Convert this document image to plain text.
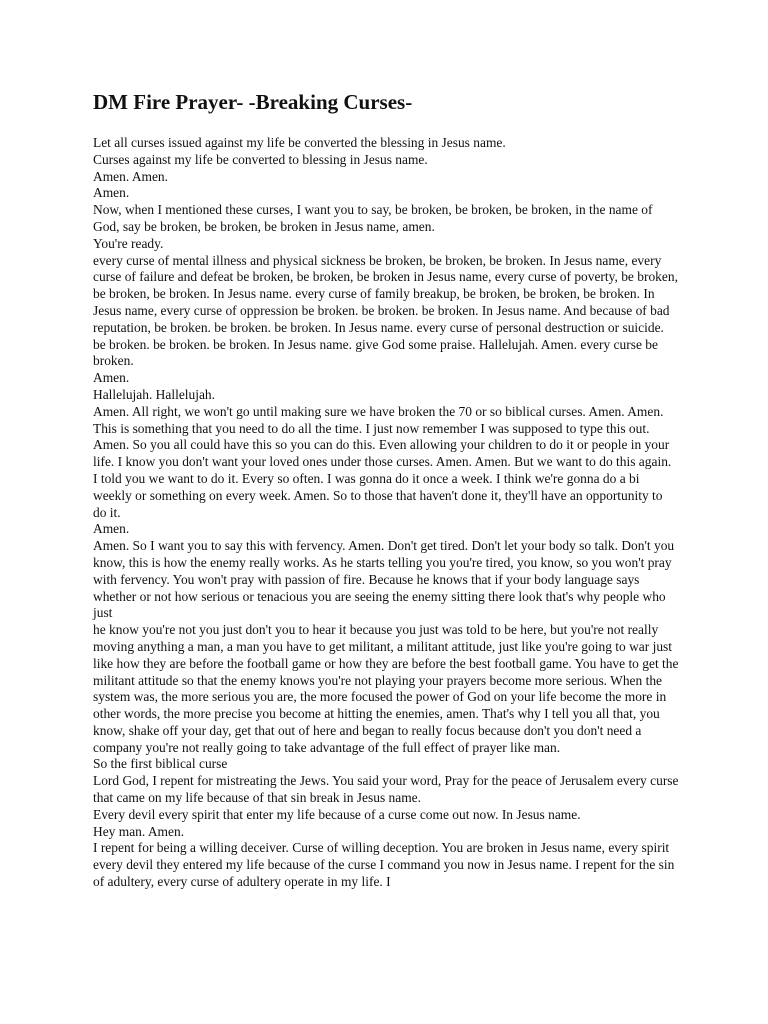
DM Fire Prayer- -Breaking Curses-

Let all curses issued against my life be converted the blessing in Jesus name.

Curses against my life be converted to blessing in Jesus name.

Amen. Amen.

Amen.

Now, when I mentioned these curses, I want you to say, be broken, be broken, be broken, in the name of God, say be broken, be broken, be broken in Jesus name, amen.

You're ready.

every curse of mental illness and physical sickness be broken, be broken, be broken. In Jesus name, every curse of failure and defeat be broken, be broken, be broken in Jesus name, every curse of poverty, be broken, be broken, be broken. In Jesus name. every curse of family breakup, be broken, be broken, be broken. In Jesus name, every curse of oppression be broken. be broken. be broken. In Jesus name. And because of bad reputation, be broken. be broken. be broken. In Jesus name. every curse of personal destruction or suicide. be broken. be broken. be broken. In Jesus name. give God some praise. Hallelujah. Amen. every curse be broken.

Amen.

Hallelujah. Hallelujah.

Amen. All right, we won't go until making sure we have broken the 70 or so biblical curses. Amen. Amen. This is something that you need to do all the time. I just now remember I was supposed to type this out. Amen. So you all could have this so you can do this. Even allowing your children to do it or people in your life. I know you don't want your loved ones under those curses. Amen. Amen. But we want to do this again. I told you we want to do it. Every so often. I was gonna do it once a week. I think we're gonna do a bi weekly or something on every week. Amen. So to those that haven't done it, they'll have an opportunity to do it.

Amen.

Amen. So I want you to say this with fervency. Amen. Don't get tired. Don't let your body so talk. Don't you know, this is how the enemy really works. As he starts telling you you're tired, you know, so you won't pray with fervency. You won't pray with passion of fire. Because he knows that if your body language says whether or not how serious or tenacious you are seeing the enemy sitting there look that's why people who just

he know you're not you just don't you to hear it because you just was told to be here, but you're not really moving anything a man, a man you have to get militant, a militant attitude, just like you're going to war just like how they are before the football game or how they are before the best football game. You have to get the militant attitude so that the enemy knows you're not playing your prayers become more serious. When the system was, the more serious you are, the more focused the power of God on your life become the more in other words, the more precise you become at hitting the enemies, amen. That's why I tell you all that, you know, shake off your day, get that out of here and began to really focus because don't you don't need a company you're not really going to take advantage of the full effect of prayer like man.

So the first biblical curse

Lord God, I repent for mistreating the Jews. You said your word, Pray for the peace of Jerusalem every curse that came on my life because of that sin break in Jesus name.

Every devil every spirit that enter my life because of a curse come out now. In Jesus name.

Hey man. Amen.

I repent for being a willing deceiver. Curse of willing deception. You are broken in Jesus name, every spirit every devil they entered my life because of the curse I command you now in Jesus name. I repent for the sin of adultery, every curse of adultery operate in my life. I
